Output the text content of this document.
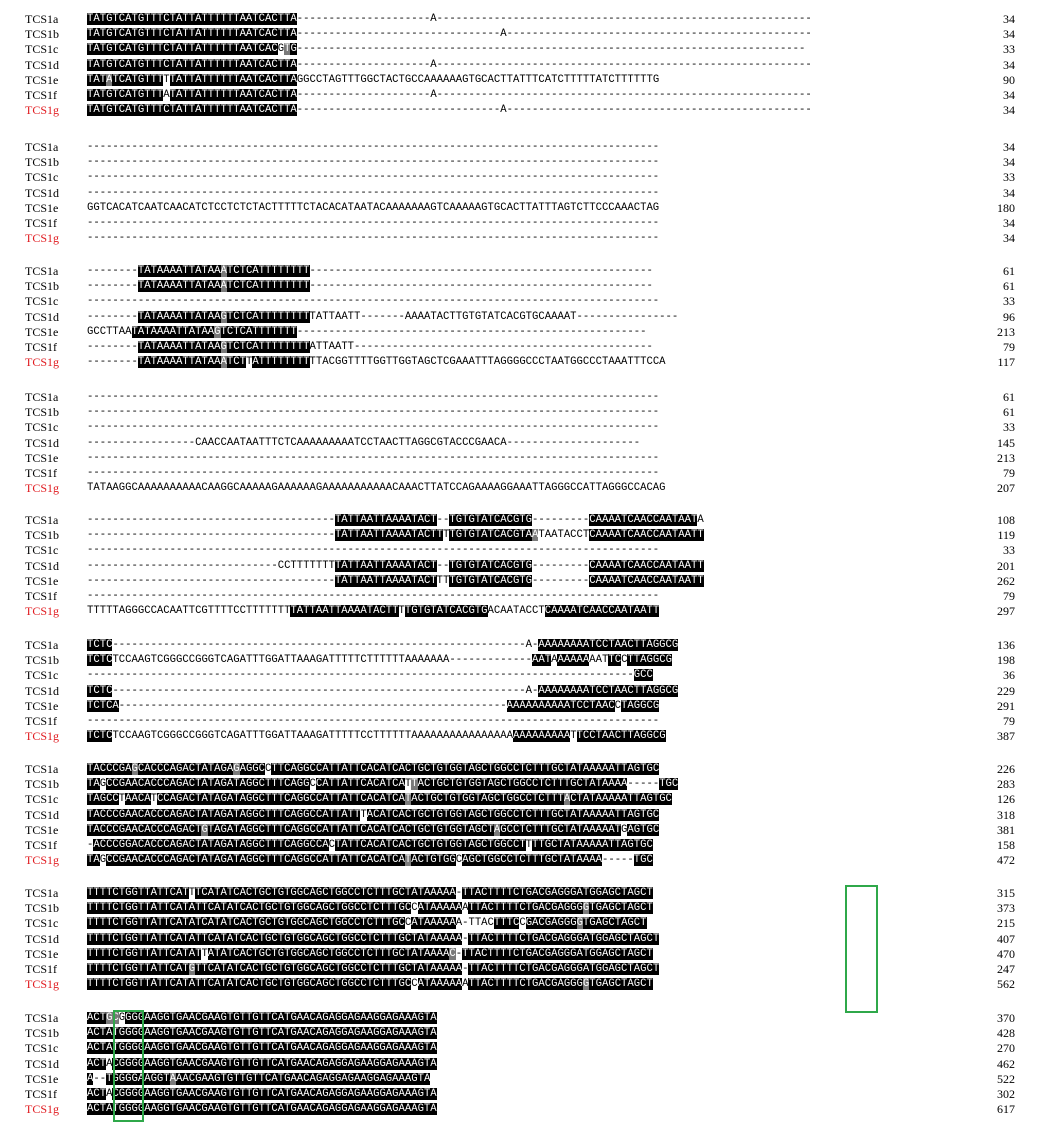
TCS1a	TATGTCATGTTTCTATTATTTTTTAATCACTTA---------------------A-----------------------------------------------------------	34
TCS1b	TATGTCATGTTTCTATTATTTTTTAATCACTTA--------------------------------A------------------------------------------------	34
TCS1c	TATGTCATGTTTCTATTATTTTTTAATCACGTG--------------------------------------------------------------------------------	33
TCS1d	TATGTCATGTTTCTATTATTTTTTAATCACTTA---------------------A-----------------------------------------------------------	34
TCS1e	TATATCATGTTTTTATTATTTTTTAATCACTTAGGCCTAGTTTGGCTACTGCCAAAAAAGTGCACTTATTTCATCTTTTTATCTTTTTTG	90
TCS1f	TATGTCATGTTTATATTATTTTTTAATCACTTA---------------------A-----------------------------------------------------------	34
TCS1g	TATGTCATGTTTCTATTATTTTTTAATCACTTA--------------------------------A------------------------------------------------	34
TCS1a	------------------------------------------------------------------------------------------	34
TCS1b	------------------------------------------------------------------------------------------	34
TCS1c	------------------------------------------------------------------------------------------	33
TCS1d	------------------------------------------------------------------------------------------	34
TCS1e	GGTCACATCAATCAACATCTCCTCTCTACTTTTTCTACACATAATACAAAAAAAGTCAAAAAGTGCACTTATTTAGTCTTCCCAAACTAG	180
TCS1f	------------------------------------------------------------------------------------------	34
TCS1g	------------------------------------------------------------------------------------------	34
TCS1a	--------TATAAAATTATAAATCTCATTTTTTTT------------------------------------------------------	61
TCS1b	--------TATAAAATTATAAATCTCATTTTTTTT------------------------------------------------------	61
TCS1c	------------------------------------------------------------------------------------------	33
TCS1d	--------TATAAAATTATAAGTCTCATTTTTTTTTATTAATT-------AAAATACTTGTGTATCACGTGCAAAAT----------------	96
TCS1e	GCCTTAATATAAAATTATAAGTCTCATTTTTTT-------------------------------------------------------	213
TCS1f	--------TATAAAATTATAAGTCTCATTTTTTTTATTAATT-----------------------------------------------	79
TCS1g	--------TATAAAATTATAAATCTTATTTTTTTTTTACGGTTTTGGTTGGTAGCTCGAAATTTAGGGGCCCTAATGGCCCTAAATTTCCA	117
TCS1a	------------------------------------------------------------------------------------------	61
TCS1b	------------------------------------------------------------------------------------------	61
TCS1c	------------------------------------------------------------------------------------------	33
TCS1d	-----------------CAACCAATAATTTCTCAAAAAAAAATCCTAACTTAGGCGTACCCGAACA---------------------	145
TCS1e	------------------------------------------------------------------------------------------	213
TCS1f	------------------------------------------------------------------------------------------	79
TCS1g	TATAAGGCAAAAAAAAAACAAGGCAAAAAGAAAAAAGAAAAAAAAAAACAAACTTATCCAGAAAAGGAAATTAGGGCCATTAGGGCCACAG	207
TCS1a	---------------------------------------TATTAATTAAAATACT--TGTGTATCACGTG---------CAAAATCAACCAATAATA	108
TCS1b	---------------------------------------TATTAATTAAAATACTTTTGTGTATCACGTAATAATACCTCAAAATCAACCAATAATT	119
TCS1c	------------------------------------------------------------------------------------------	33
TCS1d	------------------------------CCTTTTTTTTATTAATTAAAATACT--TGTGTATCACGTG---------CAAAATCAACCAATAATT	201
TCS1e	---------------------------------------TATTAATTAAAATACTTTTGTGTATCACGTG---------CAAAATCAACCAATAATT	262
TCS1f	------------------------------------------------------------------------------------------	79
TCS1g	TTTTTAGGGCCACAATTCGTTTTCCTTTTTTTTATTAATTAAAATACTTTTGTGTATCACGTGACAATACCTCAAAATCAACCAATAATT	297
TCS1a	TCTC-----------------------------------------------------------------A-AAAAAAAATCCTAACTTAGGCG	136
TCS1b	TCTCTCCAAGTCGGGCCGGGTCAGATTTGGATTAAAGATTTTTCTTTTTTAAAAAAA-------------AATAAAAAAAATTCCTTAGGCG	198
TCS1c	--------------------------------------------------------------------------------------GCC	36
TCS1d	TCTC-----------------------------------------------------------------A-AAAAAAAATCCTAACTTAGGCG	229
TCS1e	TCTCA-------------------------------------------------------------AAAAAAAAAATCCTAACCTAGGCG	291
TCS1f	------------------------------------------------------------------------------------------	79
TCS1g	TCTCTCCAAGTCGGGCCGGGTCAGATTTGGATTAAAGATTTTTCCTTTTTTAAAAAAAAAAAAAAAAAAAAAAAAATTCCTAACTTAGGCG	387
TCS1a	TACCCGAGCACCCAGACTATAGAGAGGCCTTCAGGCCATTATTCACATCACTGCTGTGGTAGCTGGCCTCTTTGCTATAAAAATTAGTGC	226
TCS1b	TAGCCGAACACCCAGACTATAGATAGGCTTTCAGGCCATTATTCACATCATTACTGCTGTGGTAGCTGGCCTCTTTGCTATAAAA-----TGC	283
TCS1c	TAGCCTAACATCCAGACTATAGATAGGCTTTCAGGCCATTATTCACATCATACTGCTGTGGTAGCTGGCCTCTTTACTATAAAAATTAGTGC	126
TCS1d	TACCCGAACACCCAGACTATAGATAGGCTTTCAGGCCATTATTTACATCACTGCTGTGGTAGCTGGCCTCTTTGCTATAAAAATTAGTGC	318
TCS1e	TACCCGAACACCCAGACTGTAGATAGGCTTTCAGGCCATTATTCACATCACTGCTGTGGTAGCTAGCCTCTTTGCTATAAAAATGAGTGC	381
TCS1f	-ACCCGGACACCCAGACTATAGATAGGCTTTCAGGCCACTATTCACATCACTGCTGTGGTAGCTGGCCTTTTGCTATAAAAATTAGTGC	158
TCS1g	TAGCCGAACACCCAGACTATAGATAGGCTTTCAGGCCATTATTCACATCATACTGTGGCAGCTGGCCTCTTTGCTATAAAA-----TGC	472
TCS1a	TTTTCTGGTTATTCATTTCATATCACTGCTGTGGCAGCTGGCCTCTTTGCTATAAAAA-TTACTTTTCTGACGAGGGATGGAGCTAGCT	315
TCS1b	TTTTCTGGTTATTCATATTCATATCACTGCTGTGGCAGCTGGCCTCTTTGCCATAAAAAATTACTTTTCTGACGAGGGGTGAGCTAGCT	373
TCS1c	TTTTCTGGTTATTCATATCATATCACTGCTGTGGCAGCTGGCCTCTTTGCCATAAAAAA-TTACTTTCCGACGAGGGGTGAGCTAGCT	215
TCS1d	TTTTCTGGTTATTCATATTCATATCACTGCTGTGGCAGCTGGCCTCTTTGCTATAAAAA-TTACTTTTCTGACGAGGGATGGAGCTAGCT	407
TCS1e	TTTTCTGGTTATTCATATTATATCACTGCTGTGGCAGCTGGCCTCTTTGCTATAAAAC-TTACTTTTCTGACGAGGGATGGAGCTAGCT	470
TCS1f	TTTTCTGGTTATTCATGTTCATATCACTGCTGTGGCAGCTGGCCTCTTTGCTATAAAAA-TTACTTTTCTGACGAGGGATGGAGCTAGCT	247
TCS1g	TTTTCTGGTTATTCATATTCATATCACTGCTGTGGCAGCTGGCCTCTTTGCCATAAAAAATTACTTTTCTGACGAGGGGTGAGCTAGCT	562
TCS1a	ACTGCGGGGAAGGTGAACGAAGTGTTGTTCATGAACAGAGGAGAAGGAGAAAGTA	370
TCS1b	ACTATGGGGAAGGTGAACGAAGTGTTGTTCATGAACAGAGGAGAAGGAGAAAGTA	428
TCS1c	ACTATGGGGAAGGTGAACGAAGTGTTGTTCATGAACAGAGGAGAAGGAGAAAGTA	270
TCS1d	ACTACGGGGAAGGTGAACGAAGTGTTGTTCATGAACAGAGGAGAAGGAGAAAGTA	462
TCS1e	A--TGGGGAAGGTAAACGAAGTGTTGTTCATGAACAGAGGAGAAGGAGAAAGTA	522
TCS1f	ACTACGGGGAAGGTGAACGAAGTGTTGTTCATGAACAGAGGAGAAGGAGAAAGTA	302
TCS1g	ACTATGGGGAAGGTGAACGAAGTGTTGTTCATGAACAGAGGAGAAGGAGAAAGTA	617
